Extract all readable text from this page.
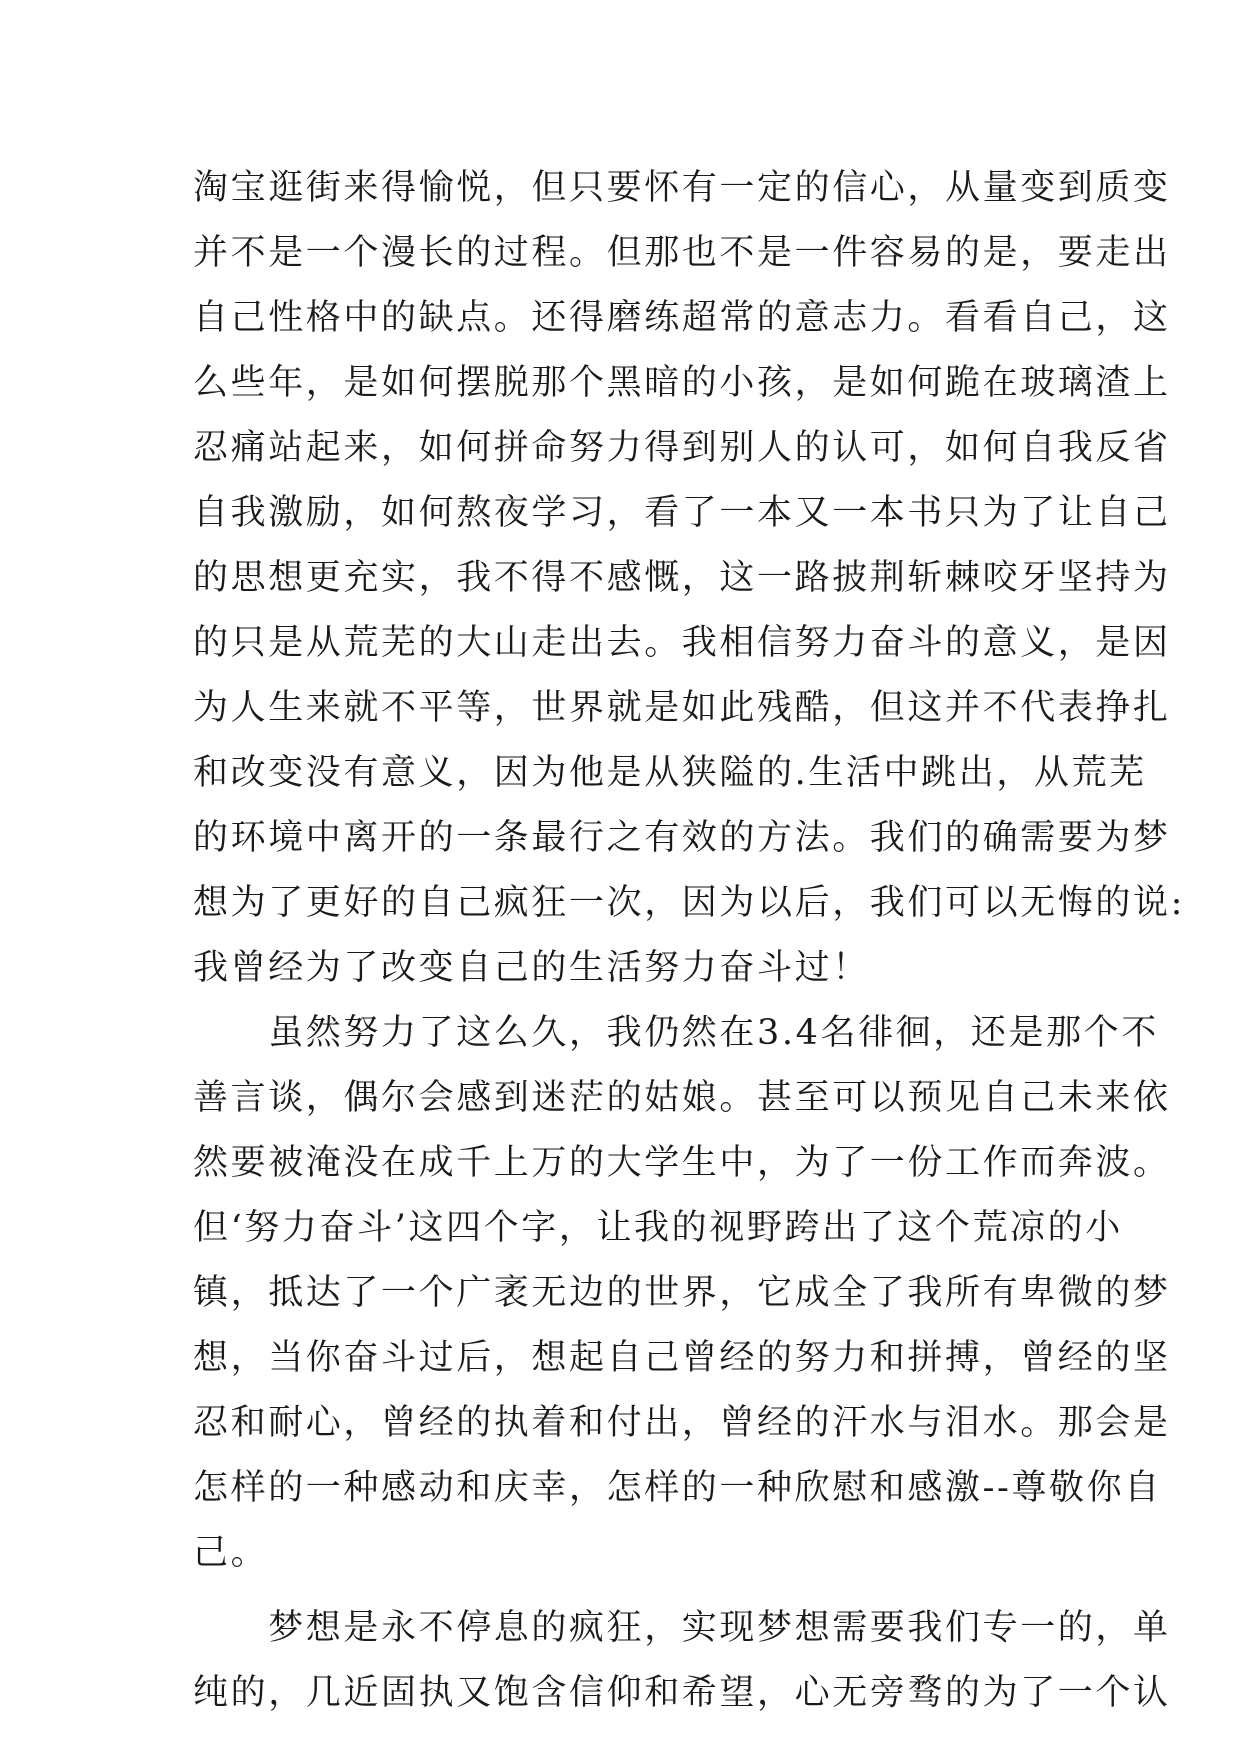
淘宝逛街来得愉悦，但只要怀有一定的信心，从量变到质变
并不是一个漫长的过程。但那也不是一件容易的是，要走出
自己性格中的缺点。还得磨练超常的意志力。看看自己，这
么些年，是如何摆脱那个黑暗的小孩，是如何跪在玻璃渣上
忍痛站起来，如何拼命努力得到别人的认可，如何自我反省
自我激励，如何熬夜学习，看了一本又一本书只为了让自己
的思想更充实，我不得不感慨，这一路披荆斩棘咬牙坚持为
的只是从荒芜的大山走出去。我相信努力奋斗的意义，是因
为人生来就不平等，世界就是如此残酷，但这并不代表挣扎
和改变没有意义，因为他是从狭隘的.生活中跳出，从荒芜
的环境中离开的一条最行之有效的方法。我们的确需要为梦
想为了更好的自己疯狂一次，因为以后，我们可以无悔的说:
我曾经为了改变自己的生活努力奋斗过！
　　虽然努力了这么久，我仍然在3.4名徘徊，还是那个不
善言谈，偶尔会感到迷茫的姑娘。甚至可以预见自己未来依
然要被淹没在成千上万的大学生中，为了一份工作而奔波。
但‘努力奋斗’这四个字，让我的视野跨出了这个荒凉的小
镇，抵达了一个广袤无边的世界，它成全了我所有卑微的梦
想，当你奋斗过后，想起自己曾经的努力和拼搏，曾经的坚
忍和耐心，曾经的执着和付出，曾经的汗水与泪水。那会是
怎样的一种感动和庆幸，怎样的一种欣慰和感激--尊敬你自
己。
　　梦想是永不停息的疯狂，实现梦想需要我们专一的，单
纯的，几近固执又饱含信仰和希望，心无旁骛的为了一个认
